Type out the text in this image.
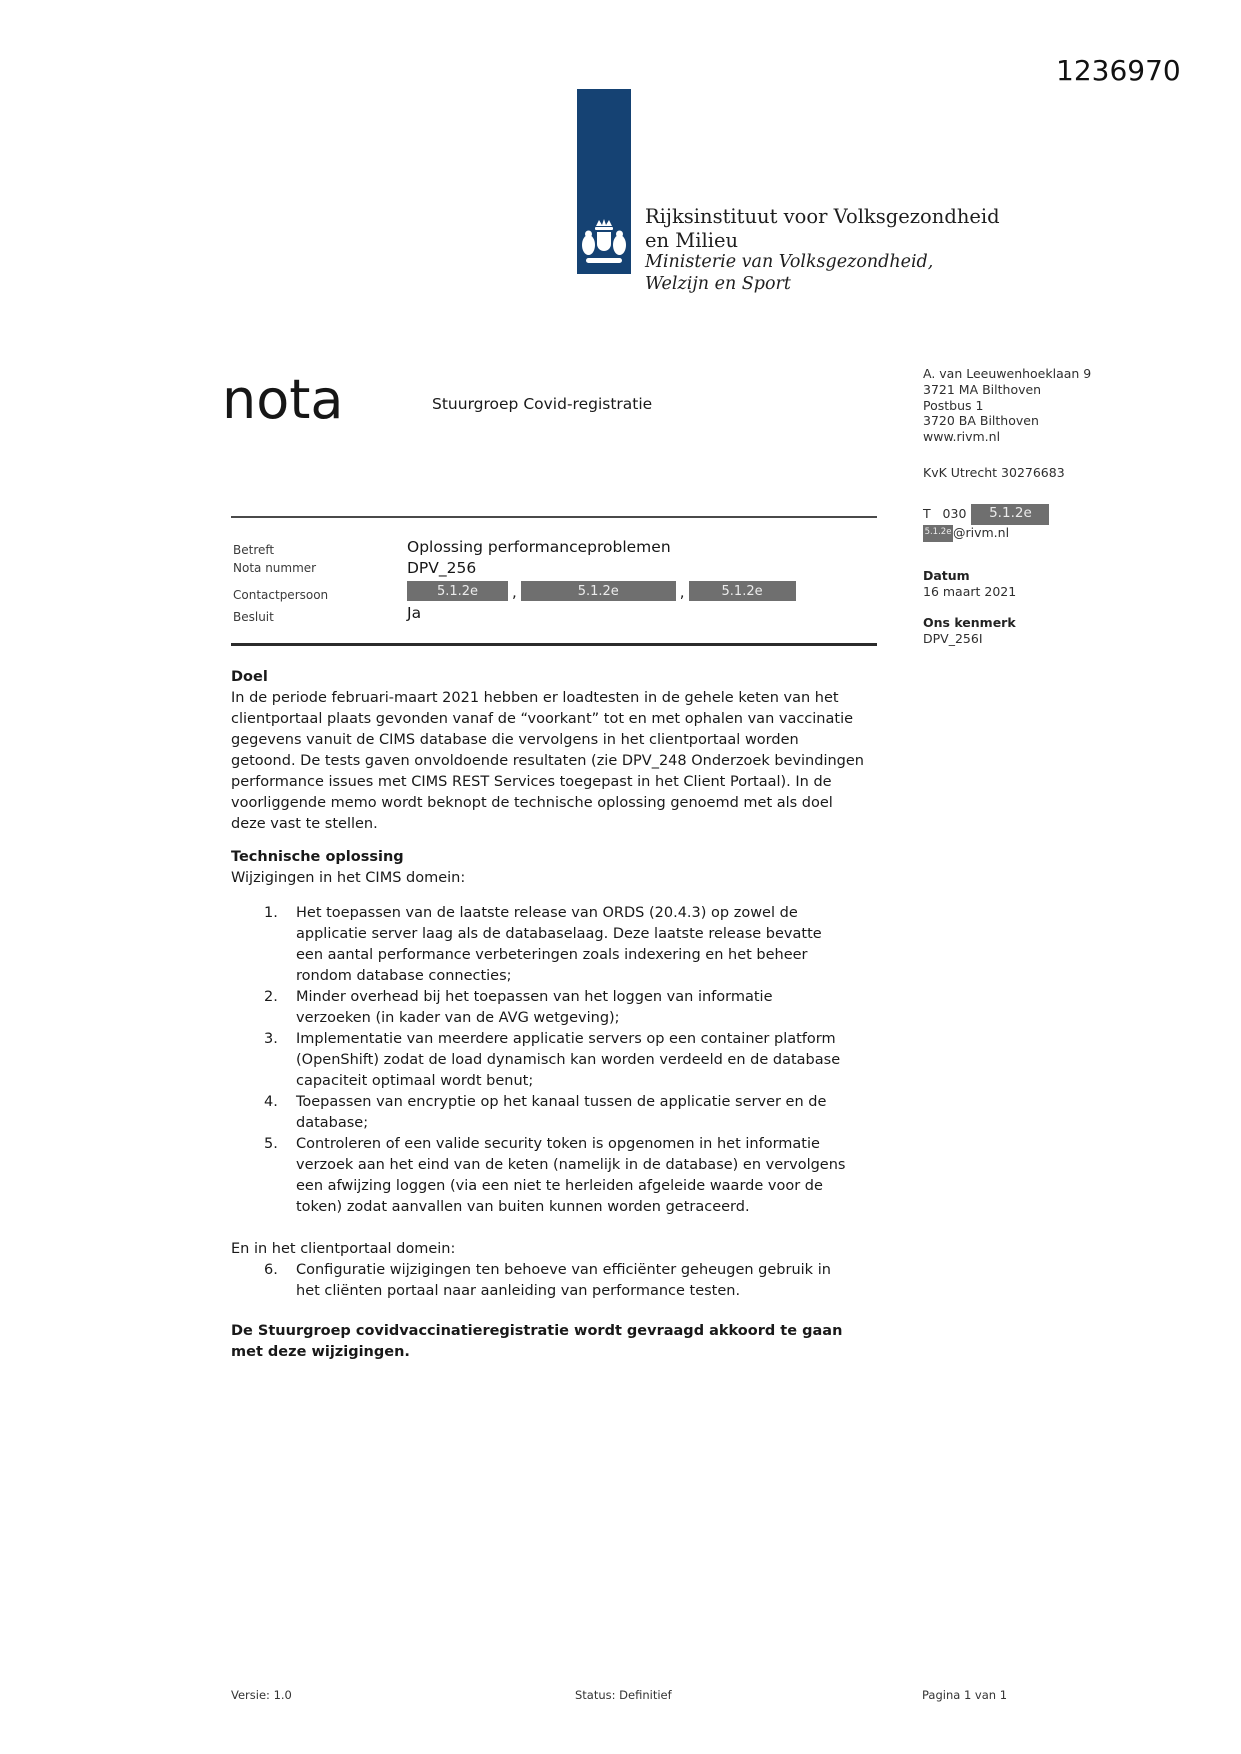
1236970
Rijksinstituut voor Volksgezondheid
en Milieu
Ministerie van Volksgezondheid,
Welzijn en Sport
nota	Stuurgroep Covid-registratie
A. van Leeuwenhoeklaan 9
3721 MA Bilthoven
Postbus 1
3720 BA Bilthoven
www.rivm.nl
KvK Utrecht 30276683
T   030	5.1.2e
5.1.2e @rivm.nl
Datum
16 maart 2021
Ons kenmerk
DPV_256I
Betreft	Oplossing performanceproblemen
Nota nummer	DPV_256
Contactpersoon	5.1.2e	,	5.1.2e	,	5.1.2e
Besluit	Ja

Doel

In de periode februari-maart 2021 hebben er loadtesten in de gehele keten van het clientportaal plaats gevonden vanaf de “voorkant” tot en met ophalen van vaccinatie gegevens vanuit de CIMS database die vervolgens in het clientportaal worden getoond. De tests gaven onvoldoende resultaten (zie DPV_248 Onderzoek bevindingen performance issues met CIMS REST Services toegepast in het Client Portaal). In de voorliggende memo wordt beknopt de technische oplossing genoemd met als doel deze vast te stellen.

Technische oplossing

Wijzigingen in het CIMS domein:

1.	Het toepassen van de laatste release van ORDS (20.4.3) op zowel de applicatie server laag als de databaselaag. Deze laatste release bevatte een aantal performance verbeteringen zoals indexering en het beheer rondom database connecties;
2.	Minder overhead bij het toepassen van het loggen van informatie verzoeken (in kader van de AVG wetgeving);
3.	Implementatie van meerdere applicatie servers op een container platform (OpenShift) zodat de load dynamisch kan worden verdeeld en de database capaciteit optimaal wordt benut;
4.	Toepassen van encryptie op het kanaal tussen de applicatie server en de database;
5.	Controleren of een valide security token is opgenomen in het informatie verzoek aan het eind van de keten (namelijk in de database) en vervolgens een afwijzing loggen (via een niet te herleiden afgeleide waarde voor de token) zodat aanvallen van buiten kunnen worden getraceerd.

En in het clientportaal domein:

6.	Configuratie wijzigingen ten behoeve van efficiënter geheugen gebruik in het cliënten portaal naar aanleiding van performance testen.

De Stuurgroep covidvaccinatieregistratie wordt gevraagd akkoord te gaan met deze wijzigingen.

Versie: 1.0	Status: Definitief	Pagina 1 van 1
